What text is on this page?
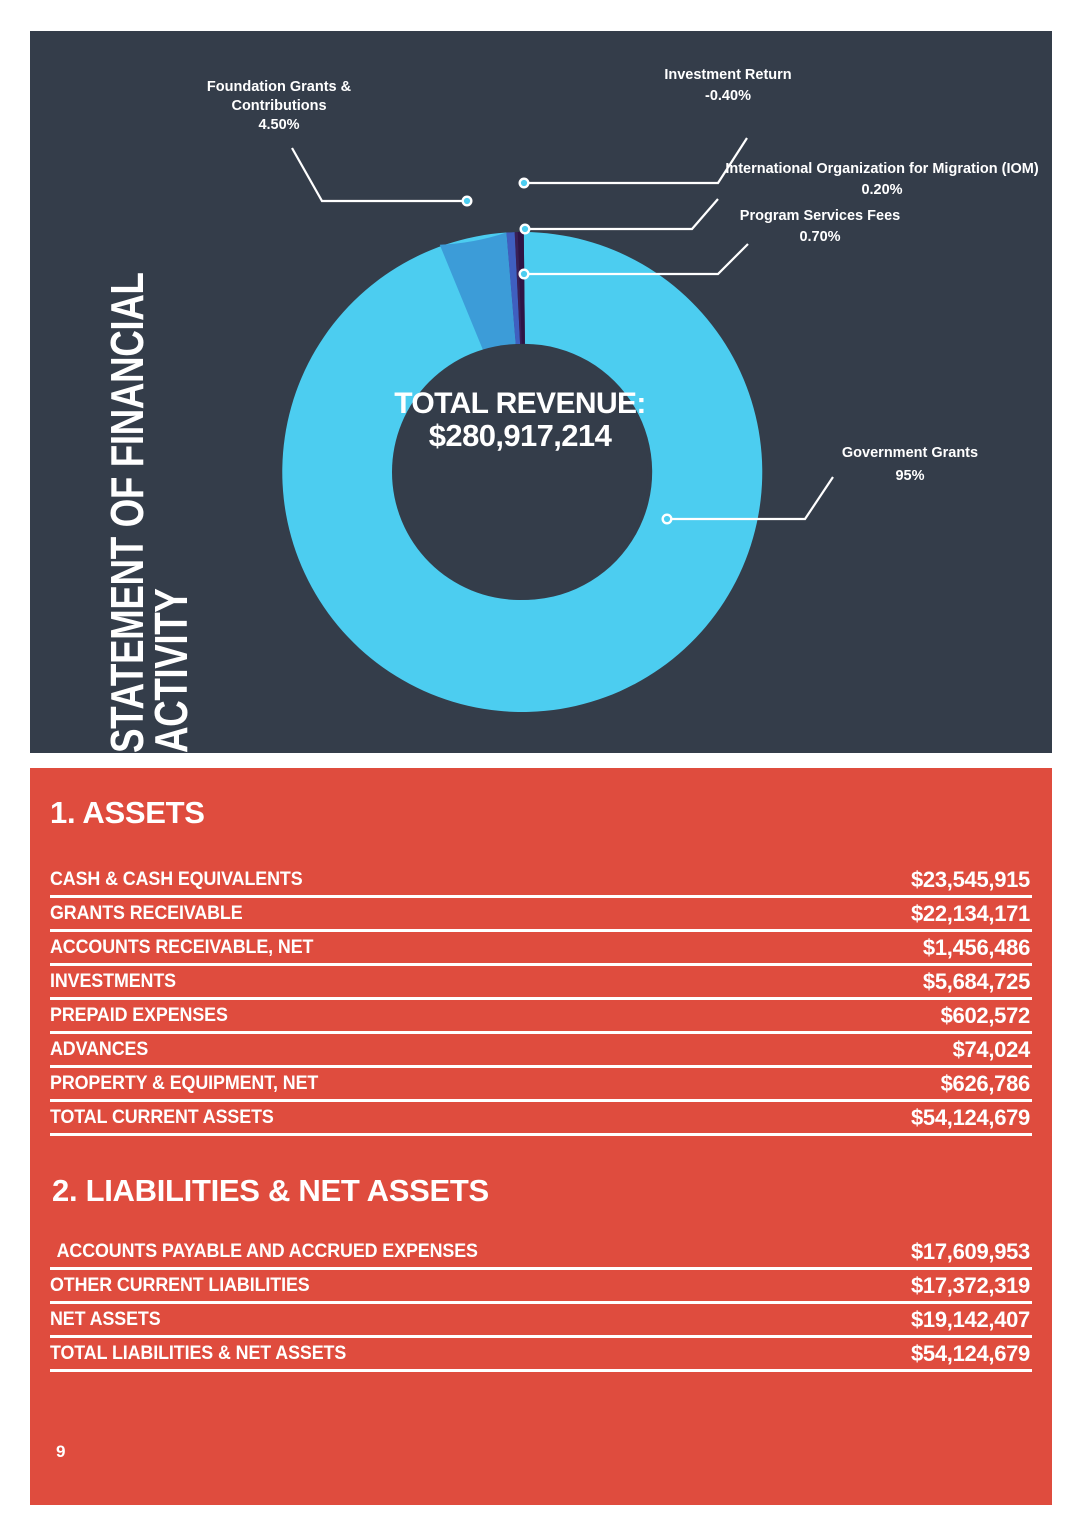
STATEMENT OF FINANCIAL
ACTIVITY
TOTAL REVENUE:
$280,917,214
Foundation Grants &
Contributions
4.50%
Investment Return
-0.40%
International Organization for Migration (IOM)
0.20%
Program Services Fees
0.70%
Government Grants
95%
1. ASSETS
CASH & CASH EQUIVALENTS	$23,545,915
GRANTS RECEIVABLE	$22,134,171
ACCOUNTS RECEIVABLE, NET	$1,456,486
INVESTMENTS	$5,684,725
PREPAID EXPENSES	$602,572
ADVANCES	$74,024
PROPERTY & EQUIPMENT, NET	$626,786
TOTAL CURRENT ASSETS	$54,124,679
2. LIABILITIES & NET ASSETS
ACCOUNTS PAYABLE AND ACCRUED EXPENSES	$17,609,953
OTHER CURRENT LIABILITIES	$17,372,319
NET ASSETS	$19,142,407
TOTAL LIABILITIES & NET ASSETS	$54,124,679
9
